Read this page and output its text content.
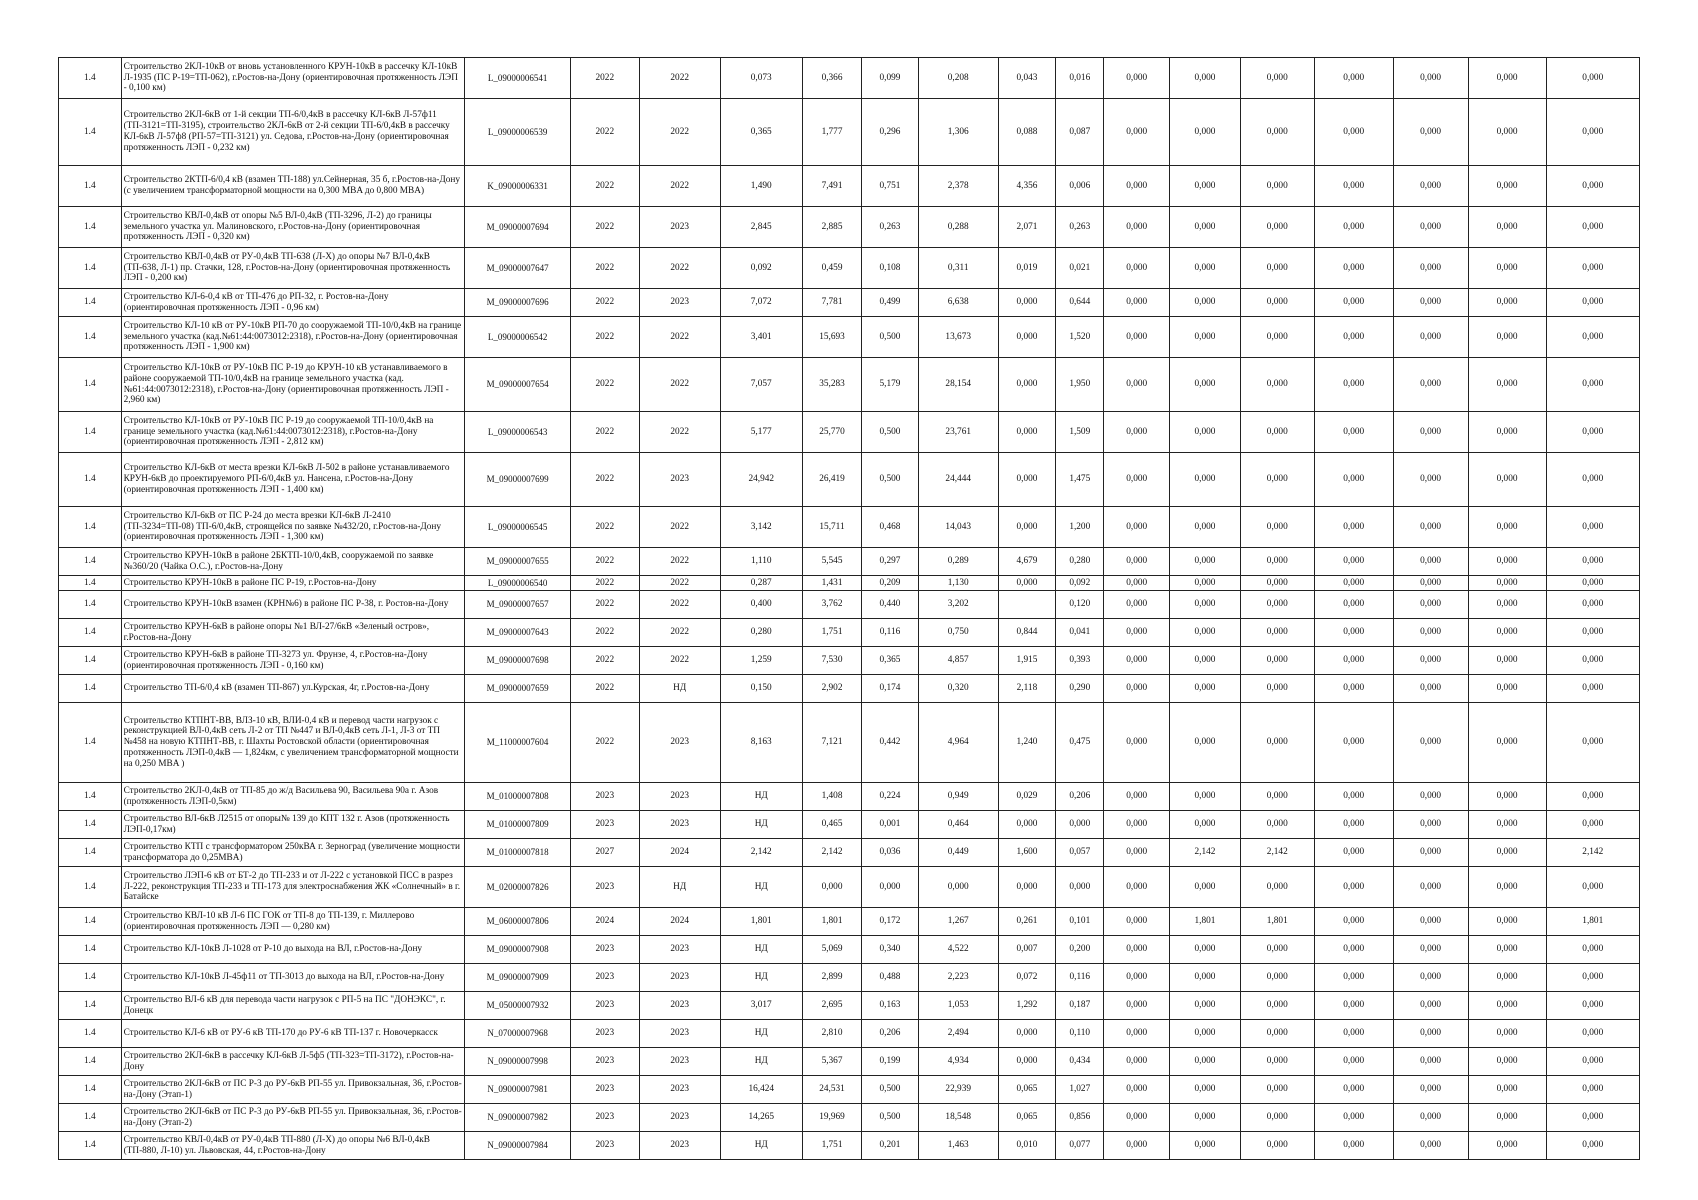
1.4	Строительство 2КЛ-10кВ от вновь установленного КРУН-10кВ в рассечку КЛ-10кВ Л-1935 (ПС Р-19=ТП-062), г.Ростов-на-Дону (ориентировочная протяженность ЛЭП - 0,100 км)	L_09000006541	2022	2022	0,073	0,366	0,099	0,208	0,043	0,016	0,000	0,000	0,000	0,000	0,000	0,000	0,000
1.4	Строительство 2КЛ-6кВ от 1-й секции ТП-6/0,4кВ в рассечку КЛ-6кВ Л-57ф11 (ТП-3121=ТП-3195), строительство 2КЛ-6кВ от 2-й секции ТП-6/0,4кВ в рассечку КЛ-6кВ Л-57ф8 (РП-57=ТП-3121) ул. Седова, г.Ростов-на-Дону (ориентировочная протяженность ЛЭП - 0,232 км)	L_09000006539	2022	2022	0,365	1,777	0,296	1,306	0,088	0,087	0,000	0,000	0,000	0,000	0,000	0,000	0,000
1.4	Строительство 2КТП-6/0,4 кВ (взамен ТП-188) ул.Сейнерная, 35 б, г.Ростов-на-Дону (с увеличением трансформаторной мощности на 0,300 MBA до 0,800 MBA)	K_09000006331	2022	2022	1,490	7,491	0,751	2,378	4,356	0,006	0,000	0,000	0,000	0,000	0,000	0,000	0,000
1.4	Строительство КВЛ-0,4кВ от опоры №5 ВЛ-0,4кВ (ТП-3296, Л-2) до границы земельного участка ул. Малиновского, г.Ростов-на-Дону (ориентировочная протяженность ЛЭП - 0,320 км)	M_09000007694	2022	2023	2,845	2,885	0,263	0,288	2,071	0,263	0,000	0,000	0,000	0,000	0,000	0,000	0,000
1.4	Строительство КВЛ-0,4кВ от РУ-0,4кВ ТП-638 (Л-Х) до опоры №7 ВЛ-0,4кВ (ТП-638, Л-1) пр. Стачки, 128, г.Ростов-на-Дону (ориентировочная протяженность ЛЭП - 0,200 км)	M_09000007647	2022	2022	0,092	0,459	0,108	0,311	0,019	0,021	0,000	0,000	0,000	0,000	0,000	0,000	0,000
1.4	Строительство КЛ-6-0,4 кВ от ТП-476 до РП-32, г. Ростов-на-Дону (ориентировочная протяженность ЛЭП - 0,96 км)	M_09000007696	2022	2023	7,072	7,781	0,499	6,638	0,000	0,644	0,000	0,000	0,000	0,000	0,000	0,000	0,000
1.4	Строительство КЛ-10 кВ от РУ-10кВ РП-70 до сооружаемой ТП-10/0,4кВ на границе земельного участка (кад.№61:44:0073012:2318), г.Ростов-на-Дону (ориентировочная протяженность ЛЭП - 1,900 км)	L_09000006542	2022	2022	3,401	15,693	0,500	13,673	0,000	1,520	0,000	0,000	0,000	0,000	0,000	0,000	0,000
1.4	Строительство КЛ-10кВ от РУ-10кВ ПС Р-19 до КРУН-10 кВ устанавливаемого в районе сооружаемой ТП-10/0,4кВ на границе земельного участка (кад.№61:44:0073012:2318), г.Ростов-на-Дону (ориентировочная протяженность ЛЭП - 2,960 км)	M_09000007654	2022	2022	7,057	35,283	5,179	28,154	0,000	1,950	0,000	0,000	0,000	0,000	0,000	0,000	0,000
1.4	Строительство КЛ-10кВ от РУ-10кВ ПС Р-19 до сооружаемой ТП-10/0,4кВ на границе земельного участка (кад.№61:44:0073012:2318), г.Ростов-на-Дону (ориентировочная протяженность ЛЭП - 2,812 км)	L_09000006543	2022	2022	5,177	25,770	0,500	23,761	0,000	1,509	0,000	0,000	0,000	0,000	0,000	0,000	0,000
1.4	Строительство КЛ-6кВ от места врезки КЛ-6кВ Л-502 в районе устанавливаемого КРУН-6кВ до проектируемого РП-6/0,4кВ ул. Нансена, г.Ростов-на-Дону (ориентировочная протяженность ЛЭП - 1,400 км)	M_09000007699	2022	2023	24,942	26,419	0,500	24,444	0,000	1,475	0,000	0,000	0,000	0,000	0,000	0,000	0,000
1.4	Строительство КЛ-6кВ от ПС Р-24 до места врезки КЛ-6кВ Л-2410 (ТП-3234=ТП-08) ТП-6/0,4кВ, строящейся по заявке №432/20, г.Ростов-на-Дону (ориентировочная протяженность ЛЭП - 1,300 км)	L_09000006545	2022	2022	3,142	15,711	0,468	14,043	0,000	1,200	0,000	0,000	0,000	0,000	0,000	0,000	0,000
1.4	Строительство КРУН-10кВ в районе 2БКТП-10/0,4кВ, сооружаемой по заявке №360/20 (Чайка О.С.), г.Ростов-на-Дону	M_09000007655	2022	2022	1,110	5,545	0,297	0,289	4,679	0,280	0,000	0,000	0,000	0,000	0,000	0,000	0,000
1.4	Строительство КРУН-10кВ в районе ПС Р-19, г.Ростов-на-Дону	L_09000006540	2022	2022	0,287	1,431	0,209	1,130	0,000	0,092	0,000	0,000	0,000	0,000	0,000	0,000	0,000
1.4	Строительство КРУН-10кВ взамен (КРН№6) в районе ПС Р-38, г. Ростов-на-Дону	M_09000007657	2022	2022	0,400	3,762	0,440	3,202		0,120	0,000	0,000	0,000	0,000	0,000	0,000	0,000
1.4	Строительство КРУН-6кВ в районе опоры №1 ВЛ-27/6кВ «Зеленый остров», г.Ростов-на-Дону	M_09000007643	2022	2022	0,280	1,751	0,116	0,750	0,844	0,041	0,000	0,000	0,000	0,000	0,000	0,000	0,000
1.4	Строительство КРУН-6кВ в районе ТП-3273 ул. Фрунзе, 4, г.Ростов-на-Дону (ориентировочная протяженность ЛЭП - 0,160 км)	M_09000007698	2022	2022	1,259	7,530	0,365	4,857	1,915	0,393	0,000	0,000	0,000	0,000	0,000	0,000	0,000
1.4	Строительство ТП-6/0,4 кВ (взамен ТП-867) ул.Курская, 4г, г.Ростов-на-Дону	M_09000007659	2022	НД	0,150	2,902	0,174	0,320	2,118	0,290	0,000	0,000	0,000	0,000	0,000	0,000	0,000
1.4	Строительство КТПНТ-ВВ, ВЛЗ-10 кВ, ВЛИ-0,4 кВ и перевод части нагрузок с реконструкцией ВЛ-0,4кВ сеть Л-2 от ТП №447 и ВЛ-0,4кВ сеть Л-1, Л-3 от ТП №458 на новую КТПНТ-ВВ, г. Шахты Ростовской области (ориентировочная протяженность ЛЭП-0,4кВ — 1,824км, с увеличением трансформаторной мощности на 0,250 MBA )	M_11000007604	2022	2023	8,163	7,121	0,442	4,964	1,240	0,475	0,000	0,000	0,000	0,000	0,000	0,000	0,000
1.4	Строительство 2КЛ-0,4кВ от ТП-85 до ж/д Васильева 90, Васильева 90а г. Азов (протяженность ЛЭП-0,5км)	M_01000007808	2023	2023	НД	1,408	0,224	0,949	0,029	0,206	0,000	0,000	0,000	0,000	0,000	0,000	0,000
1.4	Строительство ВЛ-6кВ Л2515 от опоры№ 139 до КПТ 132 г. Азов (протяженность ЛЭП-0,17км)	M_01000007809	2023	2023	НД	0,465	0,001	0,464	0,000	0,000	0,000	0,000	0,000	0,000	0,000	0,000	0,000
1.4	Строительство КТП с трансформатором 250кВА г. Зерноград (увеличение мощности трансформатора до 0,25MBA)	M_01000007818	2027	2024	2,142	2,142	0,036	0,449	1,600	0,057	0,000	2,142	2,142	0,000	0,000	0,000	2,142
1.4	Строительство ЛЭП-6 кВ от БТ-2 до ТП-233 и от Л-222 с установкой ПСС в разрез Л-222, реконструкция ТП-233 и ТП-173 для электроснабжения ЖК «Солнечный» в г. Батайске	M_02000007826	2023	НД	НД	0,000	0,000	0,000	0,000	0,000	0,000	0,000	0,000	0,000	0,000	0,000	0,000
1.4	Строительство КВЛ-10 кВ Л-6 ПС ГОК от ТП-8 до ТП-139, г. Миллерово (ориентировочная протяженность ЛЭП — 0,280 км)	M_06000007806	2024	2024	1,801	1,801	0,172	1,267	0,261	0,101	0,000	1,801	1,801	0,000	0,000	0,000	1,801
1.4	Строительство КЛ-10кВ Л-1028 от Р-10 до выхода на ВЛ, г.Ростов-на-Дону	M_09000007908	2023	2023	НД	5,069	0,340	4,522	0,007	0,200	0,000	0,000	0,000	0,000	0,000	0,000	0,000
1.4	Строительство КЛ-10кВ Л-45ф11 от ТП-3013 до выхода на ВЛ, г.Ростов-на-Дону	M_09000007909	2023	2023	НД	2,899	0,488	2,223	0,072	0,116	0,000	0,000	0,000	0,000	0,000	0,000	0,000
1.4	Строительство ВЛ-6 кВ для перевода части нагрузок с РП-5 на ПС "ДОНЭКС", г. Донецк	M_05000007932	2023	2023	3,017	2,695	0,163	1,053	1,292	0,187	0,000	0,000	0,000	0,000	0,000	0,000	0,000
1.4	Строительство КЛ-6 кВ от РУ-6 кВ ТП-170 до РУ-6 кВ ТП-137 г. Новочеркасск	N_07000007968	2023	2023	НД	2,810	0,206	2,494	0,000	0,110	0,000	0,000	0,000	0,000	0,000	0,000	0,000
1.4	Строительство 2КЛ-6кВ в рассечку КЛ-6кВ Л-5ф5 (ТП-323=ТП-3172), г.Ростов-на-Дону	N_09000007998	2023	2023	НД	5,367	0,199	4,934	0,000	0,434	0,000	0,000	0,000	0,000	0,000	0,000	0,000
1.4	Строительство 2КЛ-6кВ от ПС Р-3 до РУ-6кВ РП-55 ул. Привокзальная, 36, г.Ростов-на-Дону (Этап-1)	N_09000007981	2023	2023	16,424	24,531	0,500	22,939	0,065	1,027	0,000	0,000	0,000	0,000	0,000	0,000	0,000
1.4	Строительство 2КЛ-6кВ от ПС Р-3 до РУ-6кВ РП-55 ул. Привокзальная, 36, г.Ростов-на-Дону (Этап-2)	N_09000007982	2023	2023	14,265	19,969	0,500	18,548	0,065	0,856	0,000	0,000	0,000	0,000	0,000	0,000	0,000
1.4	Строительство КВЛ-0,4кВ от РУ-0,4кВ ТП-880 (Л-Х) до опоры №6 ВЛ-0,4кВ (ТП-880, Л-10) ул. Львовская, 44, г.Ростов-на-Дону	N_09000007984	2023	2023	НД	1,751	0,201	1,463	0,010	0,077	0,000	0,000	0,000	0,000	0,000	0,000	0,000
